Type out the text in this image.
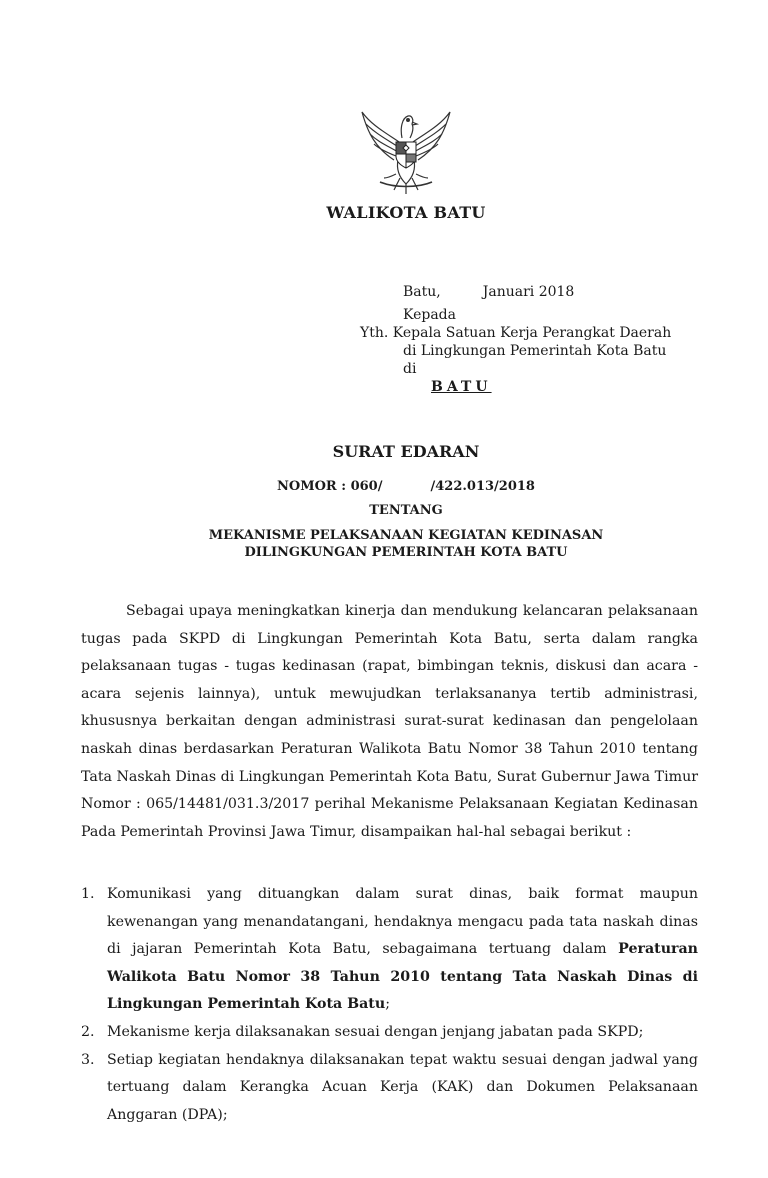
WALIKOTA BATU
Batu,	Januari 2018
Kepada
Yth. Kepala Satuan Kerja Perangkat Daerah
di Lingkungan Pemerintah Kota Batu
di
BATU
SURAT EDARAN
NOMOR : 060/	/422.013/2018
TENTANG
MEKANISME PELAKSANAAN KEGIATAN KEDINASAN
DILINGKUNGAN PEMERINTAH KOTA BATU
Sebagai upaya meningkatkan kinerja dan mendukung kelancaran pelaksanaan tugas pada SKPD di Lingkungan Pemerintah Kota Batu, serta dalam rangka pelaksanaan tugas - tugas kedinasan (rapat, bimbingan teknis, diskusi dan acara - acara sejenis lainnya), untuk mewujudkan terlaksananya tertib administrasi, khususnya berkaitan dengan administrasi surat-surat kedinasan dan pengelolaan naskah dinas berdasarkan Peraturan Walikota Batu Nomor 38 Tahun 2010 tentang Tata Naskah Dinas di Lingkungan Pemerintah Kota Batu, Surat Gubernur Jawa Timur Nomor : 065/14481/031.3/2017 perihal Mekanisme Pelaksanaan Kegiatan Kedinasan Pada Pemerintah Provinsi Jawa Timur, disampaikan hal-hal sebagai berikut :
1. Komunikasi yang dituangkan dalam surat dinas, baik format maupun kewenangan yang menandatangani, hendaknya mengacu pada tata naskah dinas di jajaran Pemerintah Kota Batu, sebagaimana tertuang dalam Peraturan Walikota Batu Nomor 38 Tahun 2010 tentang Tata Naskah Dinas di Lingkungan Pemerintah Kota Batu;
2. Mekanisme kerja dilaksanakan sesuai dengan jenjang jabatan pada SKPD;
3. Setiap kegiatan hendaknya dilaksanakan tepat waktu sesuai dengan jadwal yang tertuang dalam Kerangka Acuan Kerja (KAK) dan Dokumen Pelaksanaan Anggaran (DPA);
